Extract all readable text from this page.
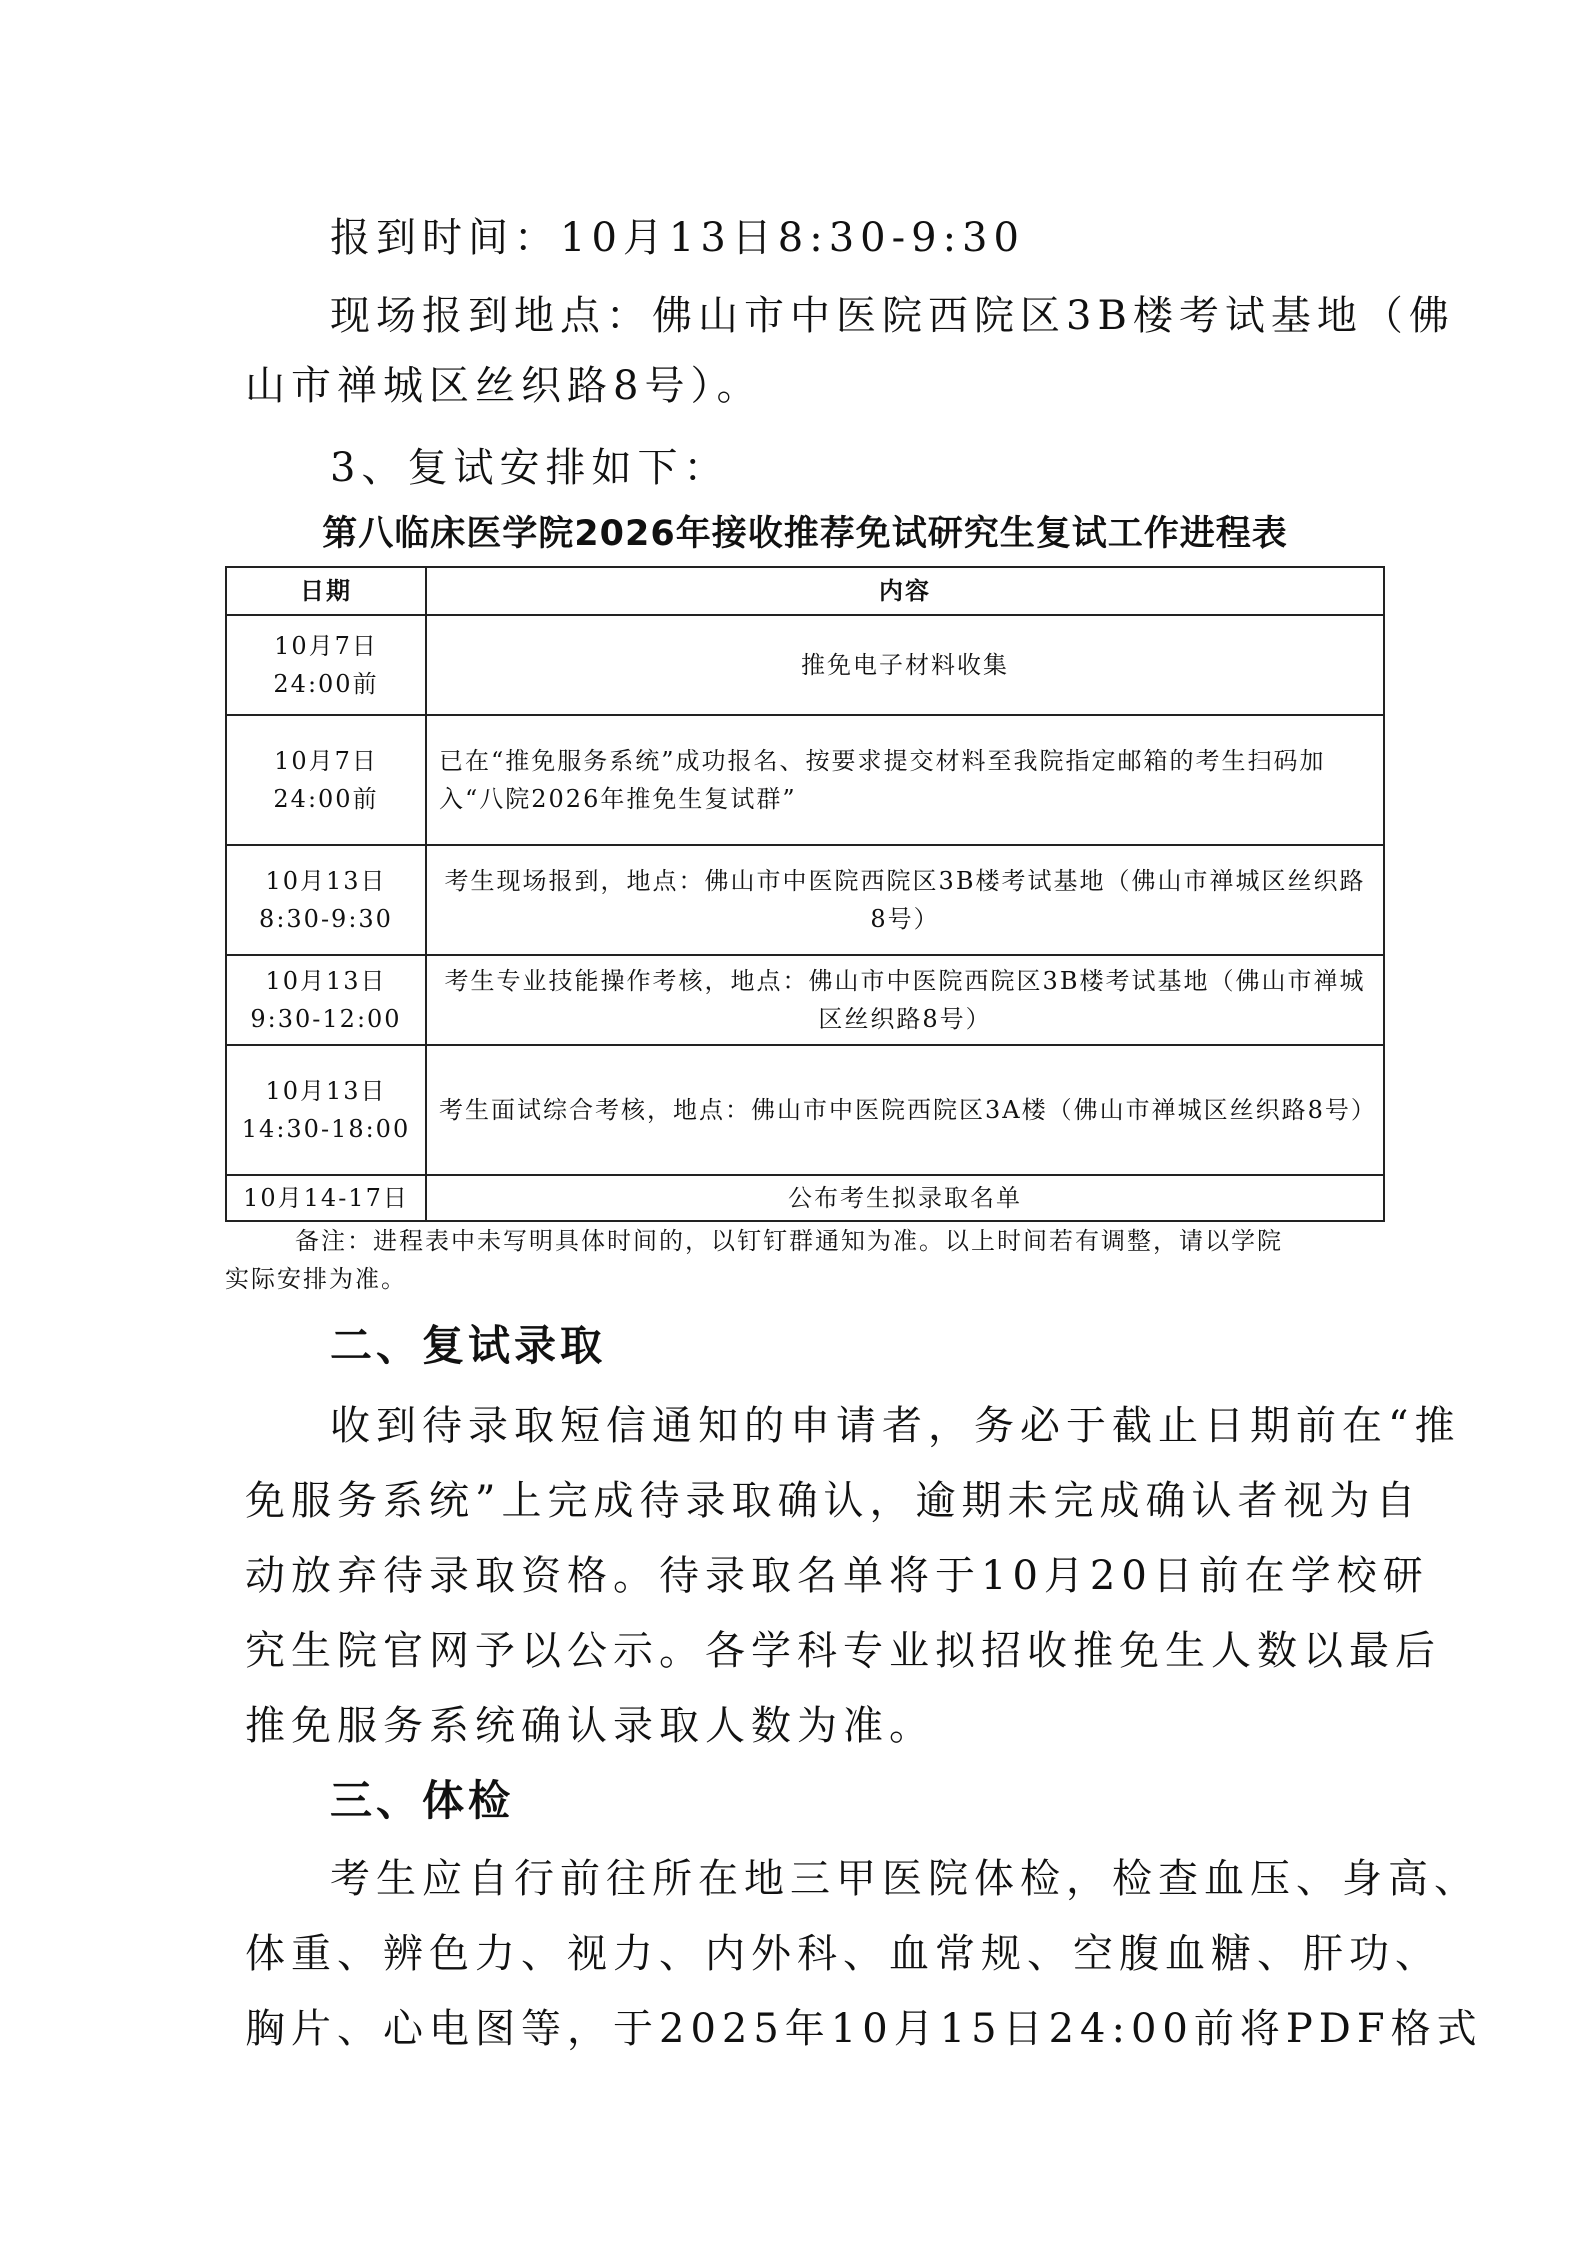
报到时间：10月13日8:30-9:30
现场报到地点：佛山市中医院西院区3B楼考试基地（佛
山市禅城区丝织路8号）。
3、复试安排如下：
第八临床医学院2026年接收推荐免试研究生复试工作进程表
日期	内容

10月7日
24:00前	推免电子材料收集

10月7日
24:00前	已在“推免服务系统”成功报名、按要求提交材料至我院指定邮箱的考生扫码加入“八院2026年推免生复试群”

10月13日
8:30-9:30	考生现场报到，地点：佛山市中医院西院区3B楼考试基地（佛山市禅城区丝织路8号）

10月13日
9:30-12:00	考生专业技能操作考核，地点：佛山市中医院西院区3B楼考试基地（佛山市禅城区丝织路8号）

10月13日
14:30-18:00	考生面试综合考核，地点：佛山市中医院西院区3A楼（佛山市禅城区丝织路8号）
10月14-17日	公布考生拟录取名单
备注：进程表中未写明具体时间的，以钉钉群通知为准。以上时间若有调整，请以学院
实际安排为准。
二、复试录取
收到待录取短信通知的申请者，务必于截止日期前在“推
免服务系统”上完成待录取确认，逾期未完成确认者视为自
动放弃待录取资格。待录取名单将于10月20日前在学校研
究生院官网予以公示。各学科专业拟招收推免生人数以最后
推免服务系统确认录取人数为准。
三、体检
考生应自行前往所在地三甲医院体检，检查血压、身高、
体重、辨色力、视力、内外科、血常规、空腹血糖、肝功、
胸片、心电图等，于2025年10月15日24:00前将PDF格式
